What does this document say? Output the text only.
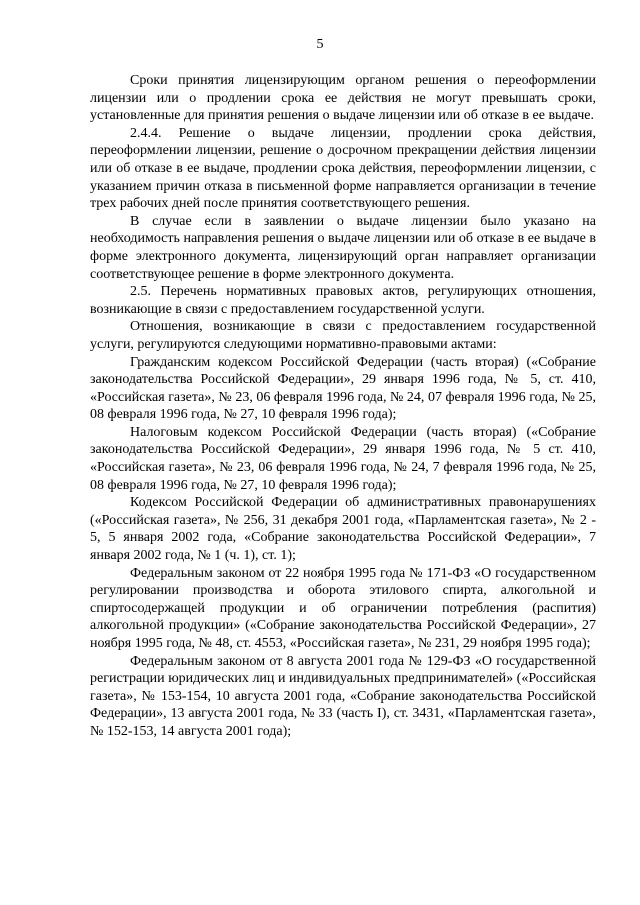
5

Сроки принятия лицензирующим органом решения о переоформлении лицензии или о продлении срока ее действия не могут превышать сроки, установленные для принятия решения о выдаче лицензии или об отказе в ее выдаче.

2.4.4. Решение о выдаче лицензии, продлении срока действия, переоформлении лицензии, решение о досрочном прекращении действия лицензии или об отказе в ее выдаче, продлении срока действия, переоформлении лицензии, с указанием причин отказа в письменной форме направляется организации в течение трех рабочих дней после принятия соответствующего решения.

В случае если в заявлении о выдаче лицензии было указано на необходимость направления решения о выдаче лицензии или об отказе в ее выдаче в форме электронного документа, лицензирующий орган направляет организации соответствующее решение в форме электронного документа.

2.5. Перечень нормативных правовых актов, регулирующих отношения, возникающие в связи с предоставлением государственной услуги.

Отношения, возникающие в связи с предоставлением государственной услуги, регулируются следующими нормативно-правовыми актами:

Гражданским кодексом Российской Федерации (часть вторая) («Собрание законодательства Российской Федерации», 29 января 1996 года, № 5, ст. 410, «Российская газета», № 23, 06 февраля 1996 года, № 24, 07 февраля 1996 года, № 25, 08 февраля 1996 года, № 27, 10 февраля 1996 года);

Налоговым кодексом Российской Федерации (часть вторая) («Собрание законодательства Российской Федерации», 29 января 1996 года, № 5 ст. 410, «Российская газета», № 23, 06 февраля 1996 года, № 24, 7 февраля 1996 года, № 25, 08 февраля 1996 года, № 27, 10 февраля 1996 года);

Кодексом Российской Федерации об административных правонарушениях («Российская газета», № 256, 31 декабря 2001 года, «Парламентская газета», № 2 - 5, 5 января 2002 года, «Собрание законодательства Российской Федерации», 7 января 2002 года, № 1 (ч. 1), ст. 1);

Федеральным законом от 22 ноября 1995 года № 171-ФЗ «О государственном регулировании производства и оборота этилового спирта, алкогольной и спиртосодержащей продукции и об ограничении потребления (распития) алкогольной продукции» («Собрание законодательства Российской Федерации», 27 ноября 1995 года, № 48, ст. 4553, «Российская газета», № 231, 29 ноября 1995 года);

Федеральным законом от 8 августа 2001 года № 129-ФЗ «О государственной регистрации юридических лиц и индивидуальных предпринимателей» («Российская газета», № 153-154, 10 августа 2001 года, «Собрание законодательства Российской Федерации», 13 августа 2001 года, № 33 (часть I), ст. 3431, «Парламентская газета», № 152-153, 14 августа 2001 года);
